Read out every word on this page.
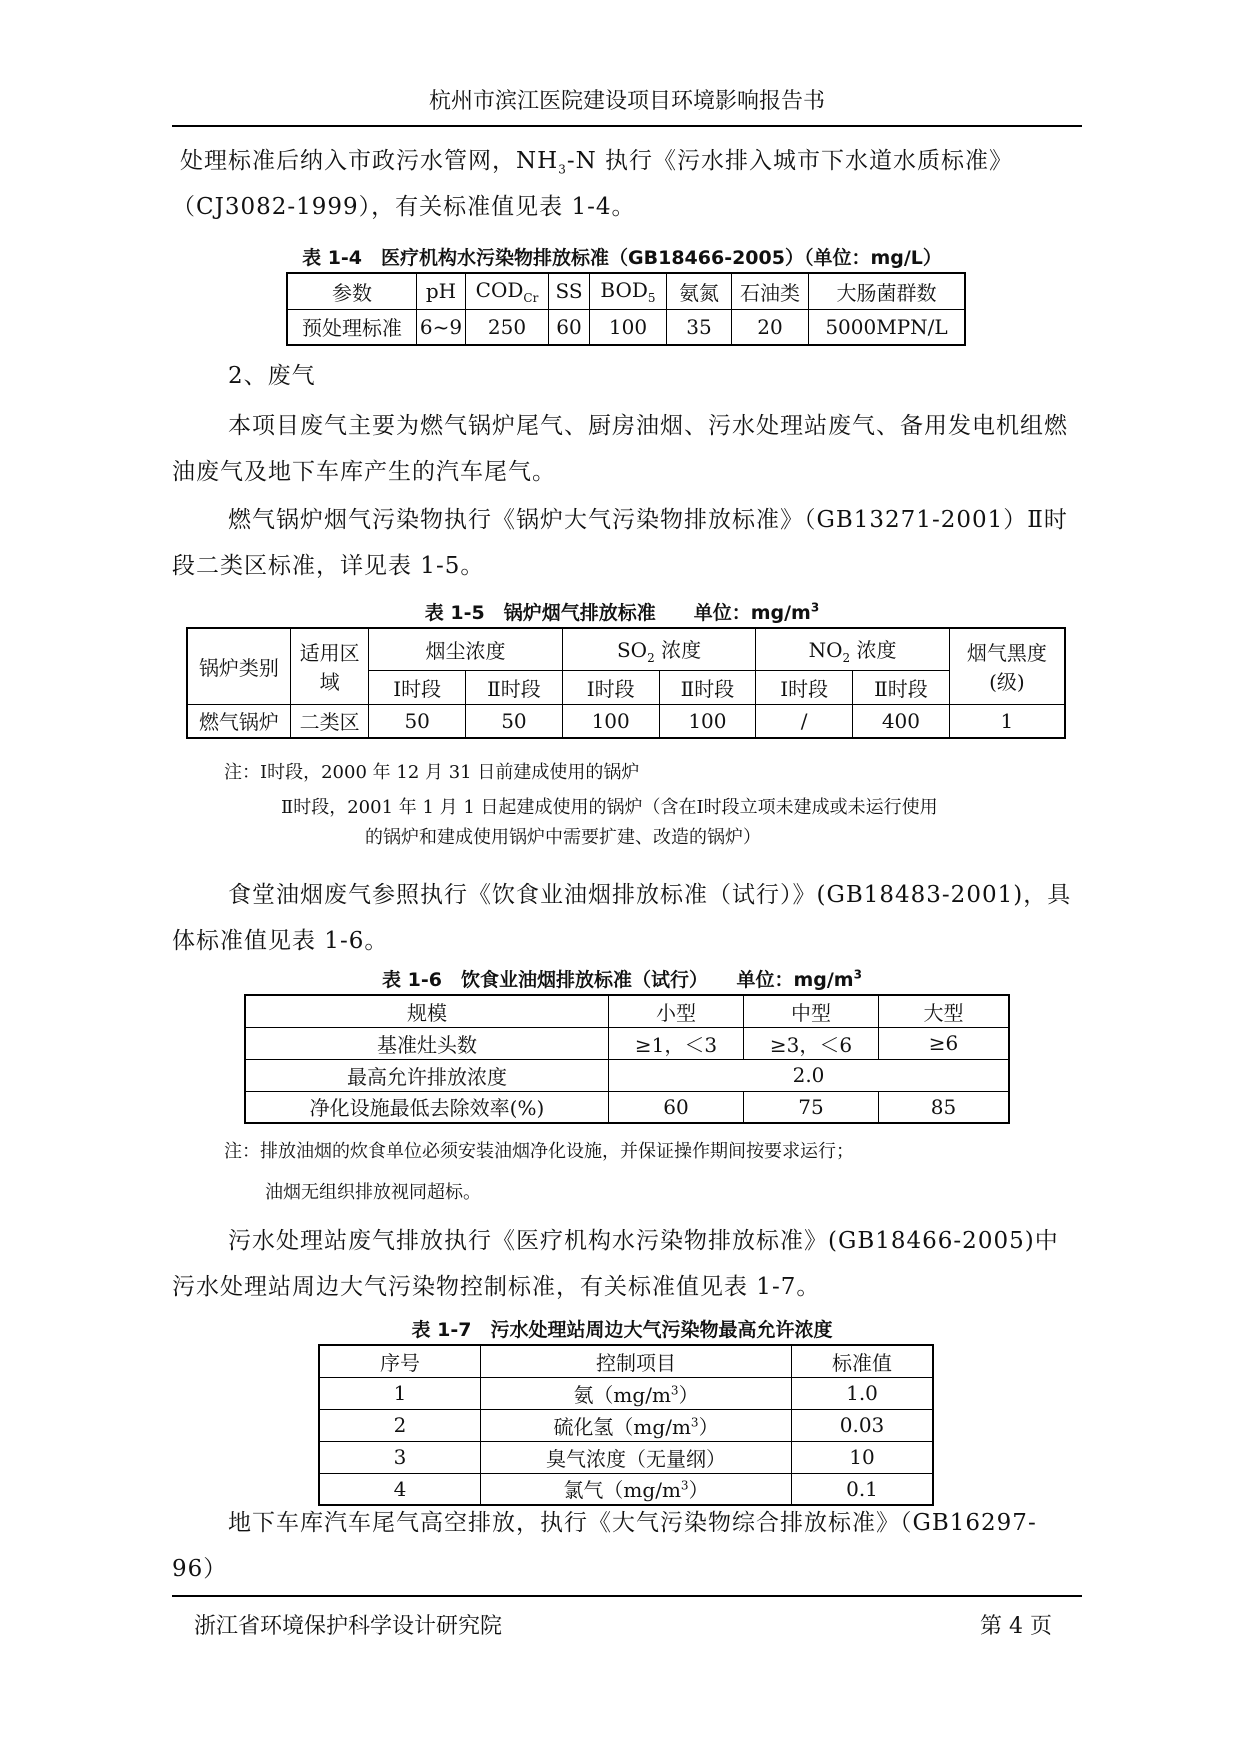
杭州市滨江医院建设项目环境影响报告书
处理标准后纳入市政污水管网，$NH_3-N$ 执行《污水排入城市下水道水质标准》
（CJ3082-1999），有关标准值见表 1-4。
表 1-4　医疗机构水污染物排放标准（GB18466-2005）（单位：mg/L）
参数	pH	$COD_{Cr}$	SS	$BOD_5$	氨氮	石油类	大肠菌群数
预处理标准	6~9	250	60	100	35	20	5000MPN/L
2、废气
本项目废气主要为燃气锅炉尾气、厨房油烟、污水处理站废气、备用发电机组燃油废气及地下车库产生的汽车尾气。
燃气锅炉烟气污染物执行《锅炉大气污染物排放标准》（GB13271-2001）Ⅱ时段二类区标准，详见表 1-5。
表 1-5　锅炉烟气排放标准　　单位：$mg/m^3$
锅炉类别	适用区域	烟尘浓度		$SO_2$ 浓度		$NO_2$ 浓度		烟气黑度(级)
		Ⅰ时段	Ⅱ时段	Ⅰ时段	Ⅱ时段	Ⅰ时段	Ⅱ时段	
燃气锅炉	二类区	50	50	100	100	/	400	1
注：Ⅰ时段，2000 年 12 月 31 日前建成使用的锅炉
Ⅱ时段，2001 年 1 月 1 日起建成使用的锅炉（含在Ⅰ时段立项未建成或未运行使用
的锅炉和建成使用锅炉中需要扩建、改造的锅炉）
食堂油烟废气参照执行《饮食业油烟排放标准（试行）》(GB18483-2001)，具体标准值见表 1-6。
表 1-6　饮食业油烟排放标准（试行）　　单位：$mg/m^3$
规模	小型	中型	大型
基准灶头数	≥1，＜3	≥3，＜6	≥6
最高允许排放浓度	2.0		
净化设施最低去除效率(%)	60	75	85
注：排放油烟的炊食单位必须安装油烟净化设施，并保证操作期间按要求运行；
油烟无组织排放视同超标。
污水处理站废气排放执行《医疗机构水污染物排放标准》(GB18466-2005)中污水处理站周边大气污染物控制标准，有关标准值见表 1-7。
表 1-7　污水处理站周边大气污染物最高允许浓度
序号	控制项目	标准值
1	氨$(mg/m^3)$	1.0
2	硫化氢$(mg/m^3)$	0.03
3	臭气浓度（无量纲）	10
4	氯气$(mg/m^3)$	0.1
地下车库汽车尾气高空排放，执行《大气污染物综合排放标准》（GB16297-96）
浙江省环境保护科学设计研究院	第 4 页
